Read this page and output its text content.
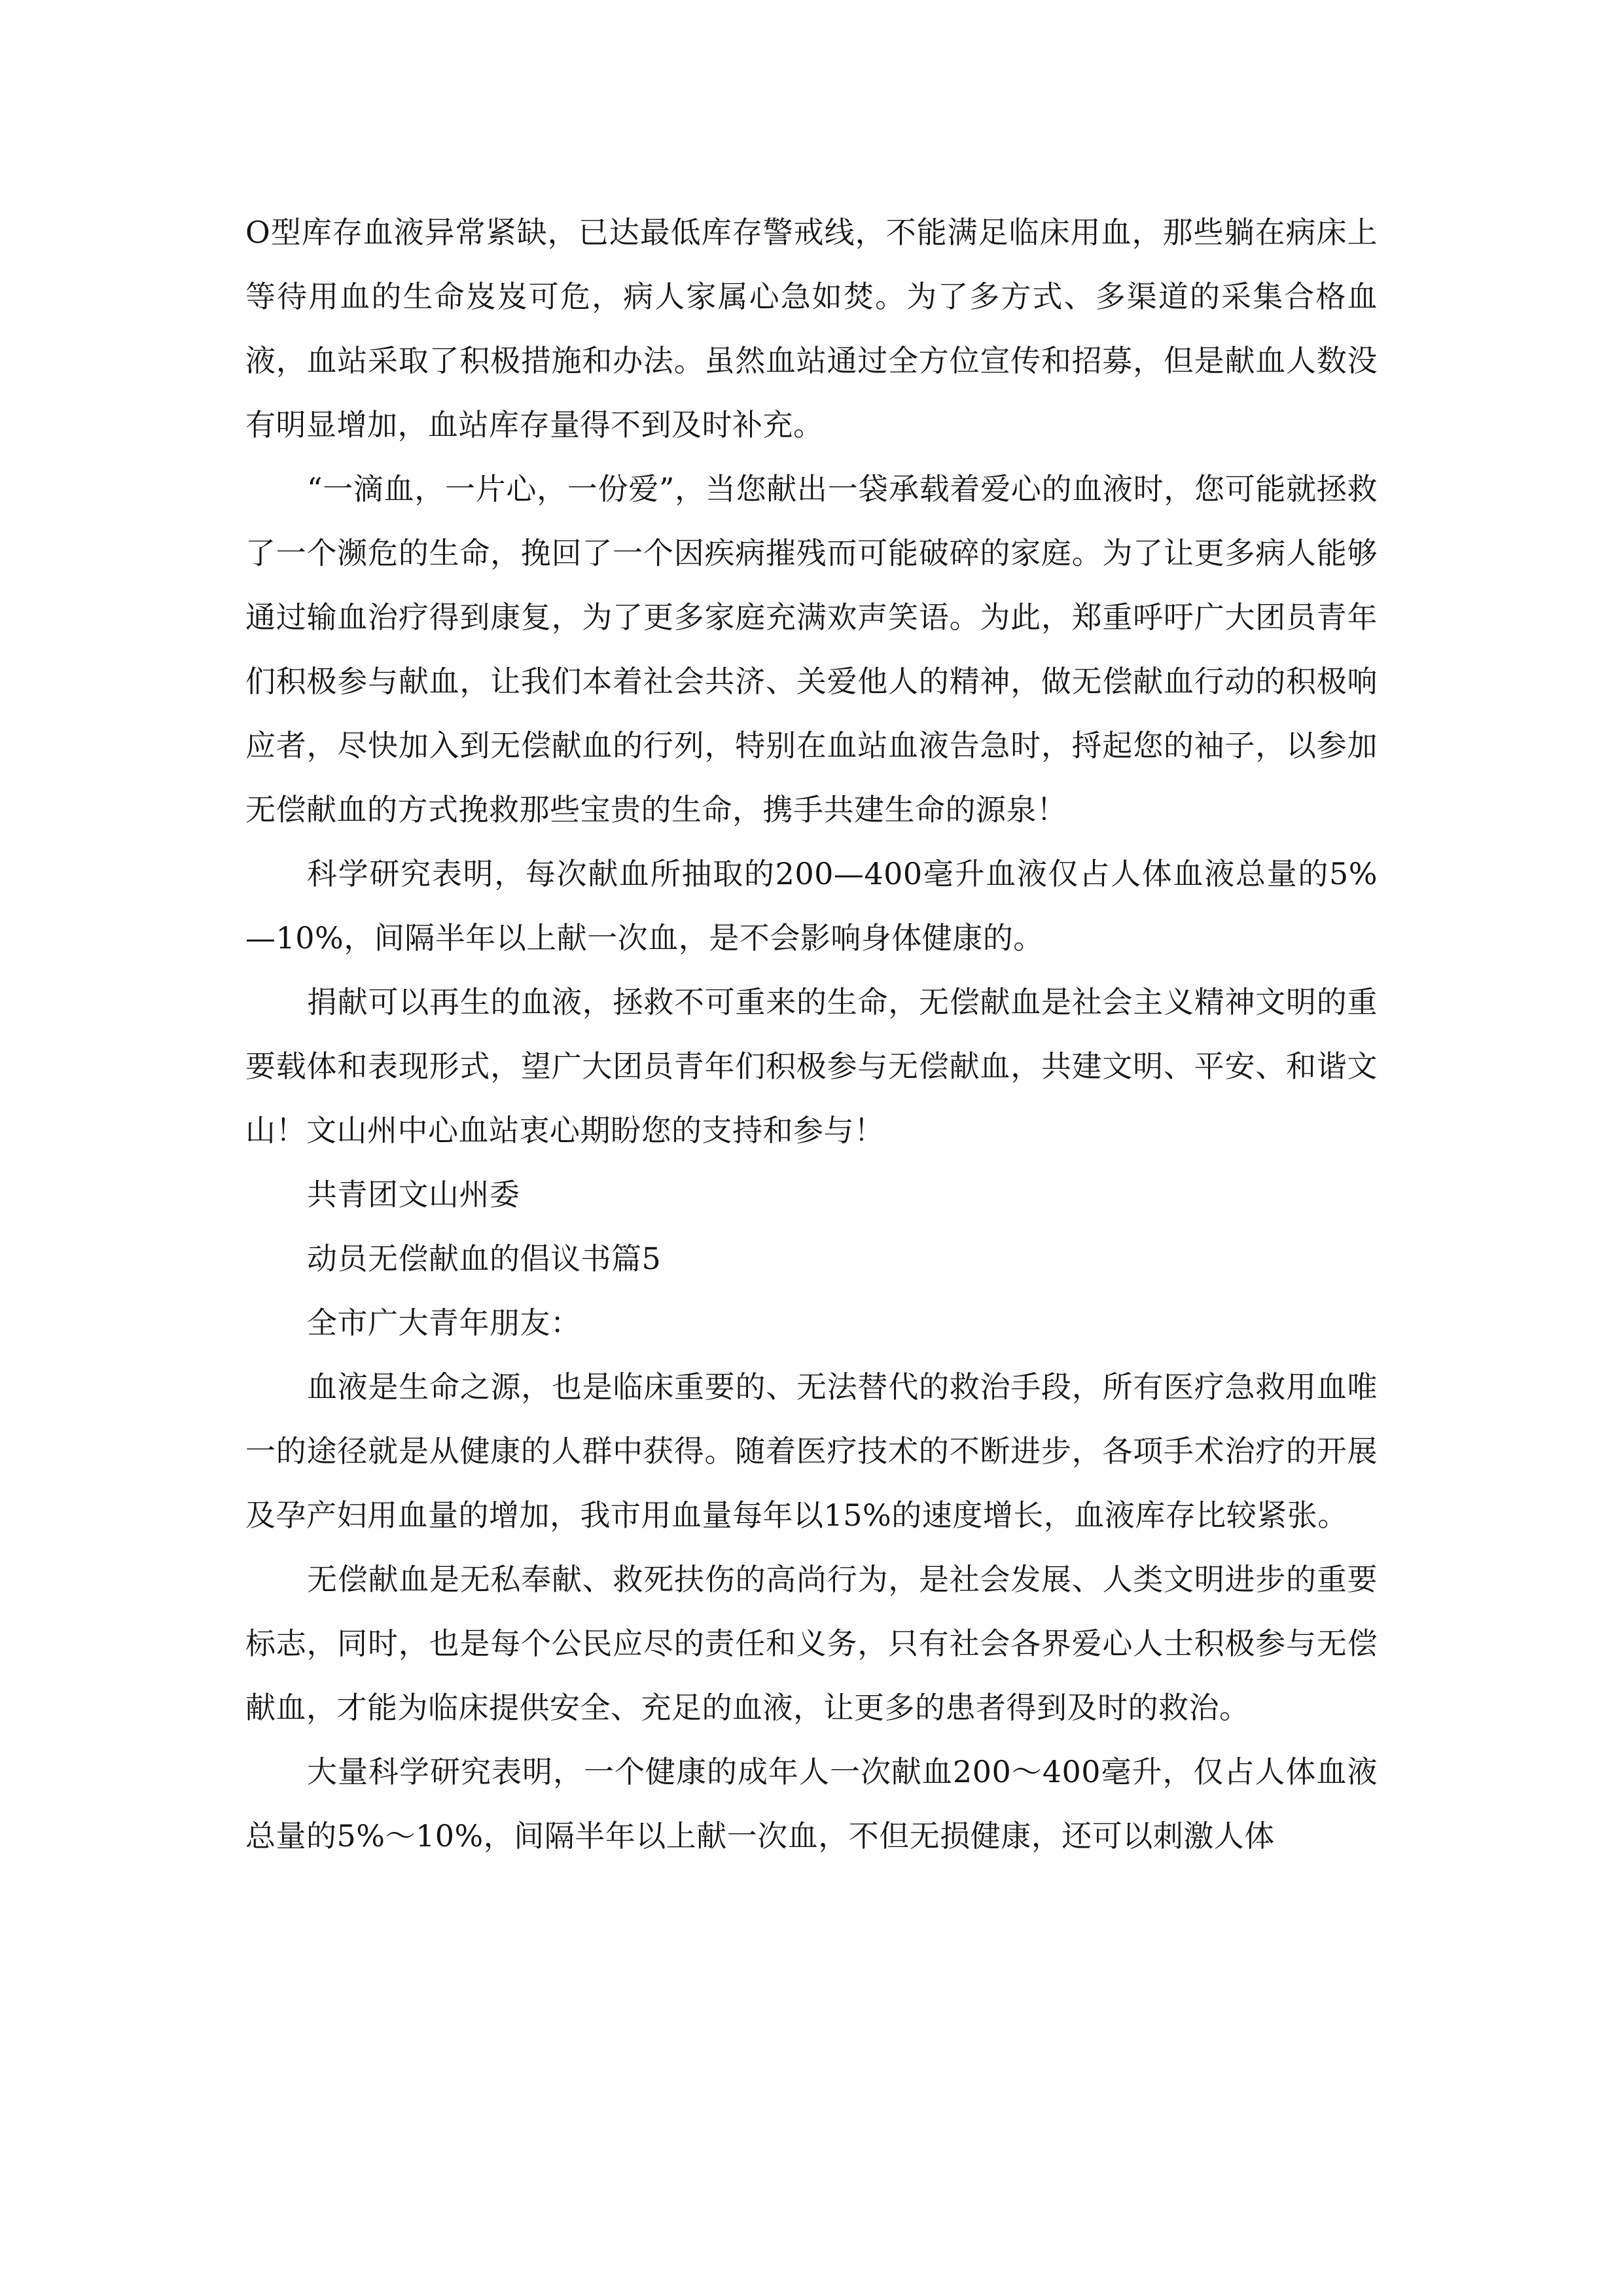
O型库存血液异常紧缺，已达最低库存警戒线，不能满足临床用血，那些躺在病床上等待用血的生命岌岌可危，病人家属心急如焚。为了多方式、多渠道的采集合格血液，血站采取了积极措施和办法。虽然血站通过全方位宣传和招募，但是献血人数没有明显增加，血站库存量得不到及时补充。

“一滴血，一片心，一份爱”，当您献出一袋承载着爱心的血液时，您可能就拯救了一个濒危的生命，挽回了一个因疾病摧残而可能破碎的家庭。为了让更多病人能够通过输血治疗得到康复，为了更多家庭充满欢声笑语。为此，郑重呼吁广大团员青年们积极参与献血，让我们本着社会共济、关爱他人的精神，做无偿献血行动的积极响应者，尽快加入到无偿献血的行列，特别在血站血液告急时，捋起您的袖子，以参加无偿献血的方式挽救那些宝贵的生命，携手共建生命的源泉！

科学研究表明，每次献血所抽取的200—400毫升血液仅占人体血液总量的5%—10%，间隔半年以上献一次血，是不会影响身体健康的。

捐献可以再生的血液，拯救不可重来的生命，无偿献血是社会主义精神文明的重要载体和表现形式，望广大团员青年们积极参与无偿献血，共建文明、平安、和谐文山！文山州中心血站衷心期盼您的支持和参与！

共青团文山州委

动员无偿献血的倡议书篇5

全市广大青年朋友：

血液是生命之源，也是临床重要的、无法替代的救治手段，所有医疗急救用血唯一的途径就是从健康的人群中获得。随着医疗技术的不断进步，各项手术治疗的开展及孕产妇用血量的增加，我市用血量每年以15%的速度增长，血液库存比较紧张。

无偿献血是无私奉献、救死扶伤的高尚行为，是社会发展、人类文明进步的重要标志，同时，也是每个公民应尽的责任和义务，只有社会各界爱心人士积极参与无偿献血，才能为临床提供安全、充足的血液，让更多的患者得到及时的救治。

大量科学研究表明，一个健康的成年人一次献血200～400毫升，仅占人体血液总量的5%～10%，间隔半年以上献一次血，不但无损健康，还可以刺激人体
